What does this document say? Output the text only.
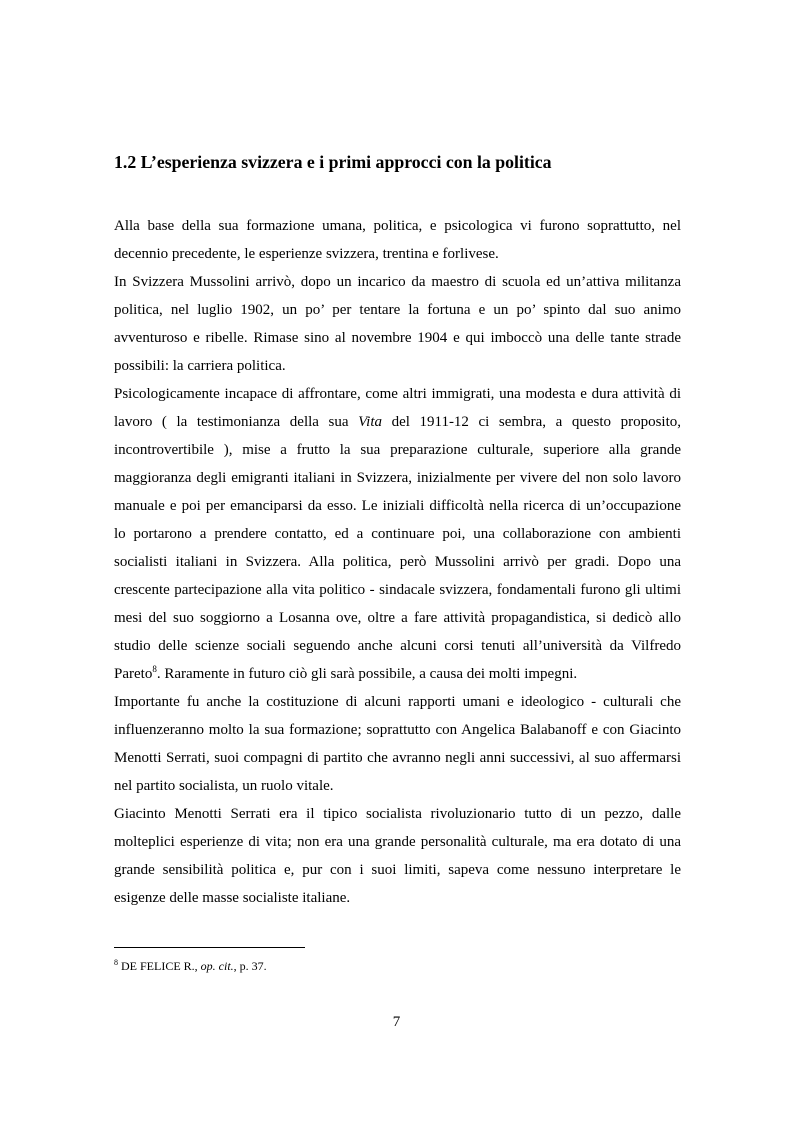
1.2 L’esperienza svizzera e i primi approcci con la politica
Alla base della sua formazione umana, politica, e psicologica vi furono soprattutto, nel
decennio precedente, le esperienze svizzera, trentina e forlivese.
In Svizzera Mussolini arrivò, dopo un incarico da maestro di scuola ed un’attiva militanza
politica, nel luglio 1902, un po’ per tentare la fortuna e un po’ spinto dal suo animo
avventuroso e ribelle. Rimase sino al novembre 1904 e qui imboccò una delle tante strade
possibili: la carriera politica.
Psicologicamente incapace di affrontare, come altri immigrati, una modesta e dura attività di
lavoro ( la testimonianza della sua Vita del 1911-12 ci sembra, a questo proposito,
incontrovertibile ), mise a frutto la sua preparazione culturale, superiore alla grande
maggioranza degli emigranti italiani in Svizzera, inizialmente per vivere del non solo lavoro
manuale e poi per emanciparsi da esso. Le iniziali difficoltà nella ricerca di un’occupazione
lo portarono a prendere contatto, ed a continuare poi, una collaborazione con ambienti
socialisti italiani in Svizzera. Alla politica, però Mussolini arrivò per gradi. Dopo una
crescente partecipazione alla vita politico - sindacale svizzera, fondamentali furono gli ultimi
mesi del suo soggiorno a Losanna ove, oltre a fare attività propagandistica, si dedicò allo
studio delle scienze sociali seguendo anche alcuni corsi tenuti all’università da Vilfredo
Pareto$^8$. Raramente in futuro ciò gli sarà possibile, a causa dei molti impegni.
Importante fu anche la costituzione di alcuni rapporti umani e ideologico - culturali che
influenzeranno molto la sua formazione; soprattutto con Angelica Balabanoff e con Giacinto
Menotti Serrati, suoi compagni di partito che avranno negli anni successivi, al suo affermarsi
nel partito socialista, un ruolo vitale.
Giacinto Menotti Serrati era il tipico socialista rivoluzionario tutto di un pezzo, dalle
molteplici esperienze di vita; non era una grande personalità culturale, ma era dotato di una
grande sensibilità politica e, pur con i suoi limiti, sapeva come nessuno interpretare le
esigenze delle masse socialiste italiane.
$^8$ DE FELICE R., op. cit., p. 37.
7
